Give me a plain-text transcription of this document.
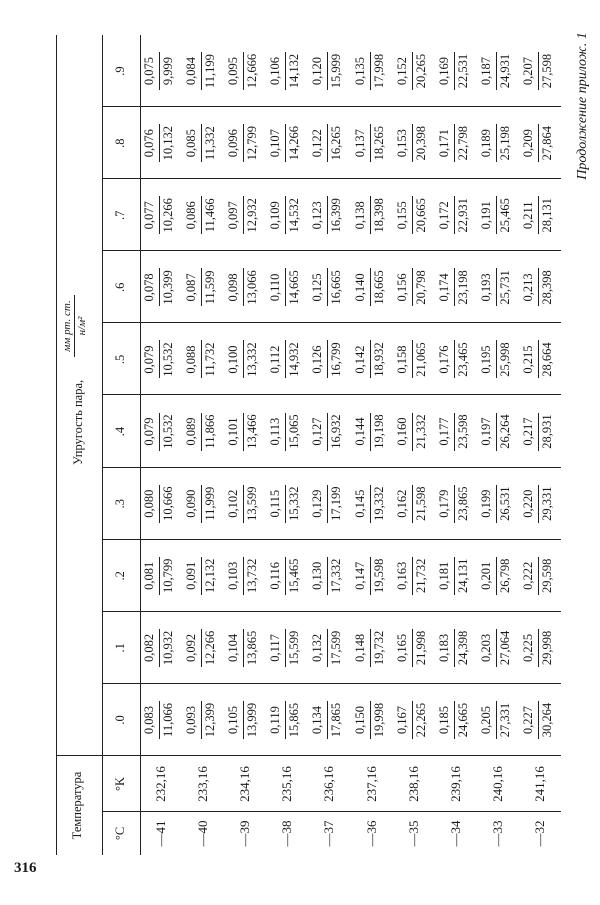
Продолжение прилож. 1
316
Температура °C
°K
Упругость пара,
мм рт. ст. н/м²
.0
.1
.2
.3
.4
.5
.6
.7
.8
.9
—41
232,16
0,083 11,066
0,082 10,932
0,081 10,799
0,080 10,666
0,079 10,532
0,079 10,532
0,078 10,399
0,077 10,266
0,076 10,132
0,075 9,999
—40
233,16
0,093 12,399
0,092 12,266
0,091 12,132
0,090 11,999
0,089 11,866
0,088 11,732
0,087 11,599
0,086 11,466
0,085 11,332
0,084 11,199
—39
234,16
0,105 13,999
0,104 13,865
0,103 13,732
0,102 13,599
0,101 13,466
0,100 13,332
0,098 13,066
0,097 12,932
0,096 12,799
0,095 12,666
—38
235,16
0,119 15,865
0,117 15,599
0,116 15,465
0,115 15,332
0,113 15,065
0,112 14,932
0,110 14,665
0,109 14,532
0,107 14,266
0,106 14,132
—37
236,16
0,134 17,865
0,132 17,599
0,130 17,332
0,129 17,199
0,127 16,932
0,126 16,799
0,125 16,665
0,123 16,399
0,122 16,265
0,120 15,999
—36
237,16
0,150 19,998
0,148 19,732
0,147 19,598
0,145 19,332
0,144 19,198
0,142 18,932
0,140 18,665
0,138 18,398
0,137 18,265
0,135 17,998
—35
238,16
0,167 22,265
0,165 21,998
0,163 21,732
0,162 21,598
0,160 21,332
0,158 21,065
0,156 20,798
0,155 20,665
0,153 20,398
0,152 20,265
—34
239,16
0,185 24,665
0,183 24,398
0,181 24,131
0,179 23,865
0,177 23,598
0,176 23,465
0,174 23,198
0,172 22,931
0,171 22,798
0,169 22,531
—33
240,16
0,205 27,331
0,203 27,064
0,201 26,798
0,199 26,531
0,197 26,264
0,195 25,998
0,193 25,731
0,191 25,465
0,189 25,198
0,187 24,931
—32
241,16
0,227 30,264
0,225 29,998
0,222 29,598
0,220 29,331
0,217 28,931
0,215 28,664
0,213 28,398
0,211 28,131
0,209 27,864
0,207 27,598
